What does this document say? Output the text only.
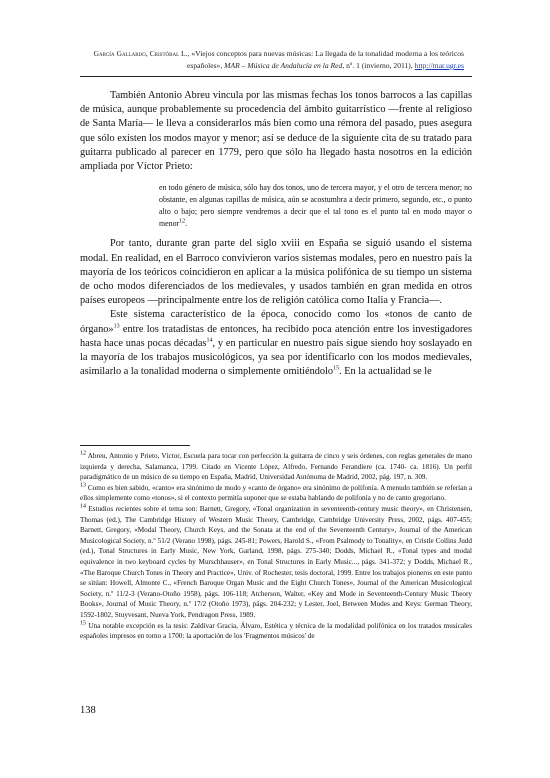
García Gallardo, Cristóbal L., «Viejos conceptos para nuevas músicas: La llegada de la tonalidad moderna a los teóricos españoles», MAR – Música de Andalucía en la Red, nº. 1 (invierno, 2011), http://mar.ugr.es

También Antonio Abreu vincula por las mismas fechas los tonos barrocos a las capillas de música, aunque probablemente su procedencia del ámbito guitarrístico —frente al religioso de Santa María— le lleva a considerarlos más bien como una rémora del pasado, pues asegura que sólo existen los modos mayor y menor; así se deduce de la siguiente cita de su tratado para guitarra publicado al parecer en 1779, pero que sólo ha llegado hasta nosotros en la edición ampliada por Víctor Prieto:

en todo género de música, sólo hay dos tonos, uno de tercera mayor, y el otro de tercera menor; no obstante, en algunas capillas de música, aún se acostumbra a decir primero, segundo, etc., o punto alto o bajo; pero siempre vendremos a decir que el tal tono es el punto tal en modo mayor o menor$^{12}$.

Por tanto, durante gran parte del siglo xviii en España se siguió usando el sistema modal. En realidad, en el Barroco convivieron varios sistemas modales, pero en nuestro país la mayoría de los teóricos coincidieron en aplicar a la música polifónica de su tiempo un sistema de ocho modos diferenciados de los medievales, y usados también en gran medida en otros países europeos —principalmente entre los de religión católica como Italia y Francia—.

Este sistema característico de la época, conocido como los «tonos de canto de órgano»$^{13}$ entre los tratadistas de entonces, ha recibido poca atención entre los investigadores hasta hace unas pocas décadas$^{14}$, y en particular en nuestro país sigue siendo hoy soslayado en la mayoría de los trabajos musicológicos, ya sea por identificarlo con los modos medievales, asimilarlo a la tonalidad moderna o simplemente omitiéndolo$^{15}$. En la actualidad se le

$^{12}$ Abreu, Antonio y Prieto, Víctor, Escuela para tocar con perfección la guitarra de cinco y seis órdenes, con reglas generales de mano izquierda y derecha, Salamanca, 1799. Citado en Vicente López, Alfredo, Fernando Ferandiere (ca. 1740- ca. 1816). Un perfil paradigmático de un músico de su tiempo en España, Madrid, Universidad Autónoma de Madrid, 2002, pág. 197, n. 309.

$^{13}$ Como es bien sabido, «canto» era sinónimo de modo y «canto de órgano» era sinónimo de polifonía. A menudo también se referían a ellos simplemente como «tonos», si el contexto permitía suponer que se estaba hablando de polifonía y no de canto gregoriano.

$^{14}$ Estudios recientes sobre el tema son: Barnett, Gregory, «Tonal organization in seventeenth-century music theory», en Christensen, Thomas (ed.), The Cambridge History of Western Music Theory, Cambridge, Cambridge University Press, 2002, págs. 407-455; Barnett, Gregory, «Modal Theory, Church Keys, and the Sonata at the end of the Seventeenth Century», Journal of the American Musicological Society, n.º 51/2 (Verano 1998), págs. 245-81; Powers, Harold S., «From Psalmody to Tonality», en Cristle Collins Judd (ed.), Tonal Structures in Early Music, New York, Garland, 1998, págs. 275-340; Dodds, Michael R., «Tonal types and modal equivalence in two keyboard cycles by Murschhauser», en Tonal Structures in Early Music..., págs. 341-372; y Dodds, Michael R., «The Baroque Church Tones in Theory and Practice», Univ. of Rochester, tesis doctoral, 1999. Entre los trabajos pioneros en este punto se sitúan: Howell, Almonte C., «French Baroque Organ Music and the Eight Church Tones», Journal of the American Musicological Society, n.º 11/2-3 (Verano-Otoño 1958), págs. 106-118; Atcherson, Walter, «Key and Mode in Seventeenth-Century Music Theory Books», Journal of Music Theory, n.º 17/2 (Otoño 1973), págs. 204-232; y Lester, Joel, Between Modes and Keys: German Theory, 1592-1802, Stuyvesant, Nueva York, Pendragon Press, 1989.

$^{15}$ Una notable excepción es la tesis: Zaldívar Gracia, Álvaro, Estética y técnica de la modalidad polifónica en los tratados musicales españoles impresos en torno a 1700: la aportación de los 'Fragmentos músicos' de

138
